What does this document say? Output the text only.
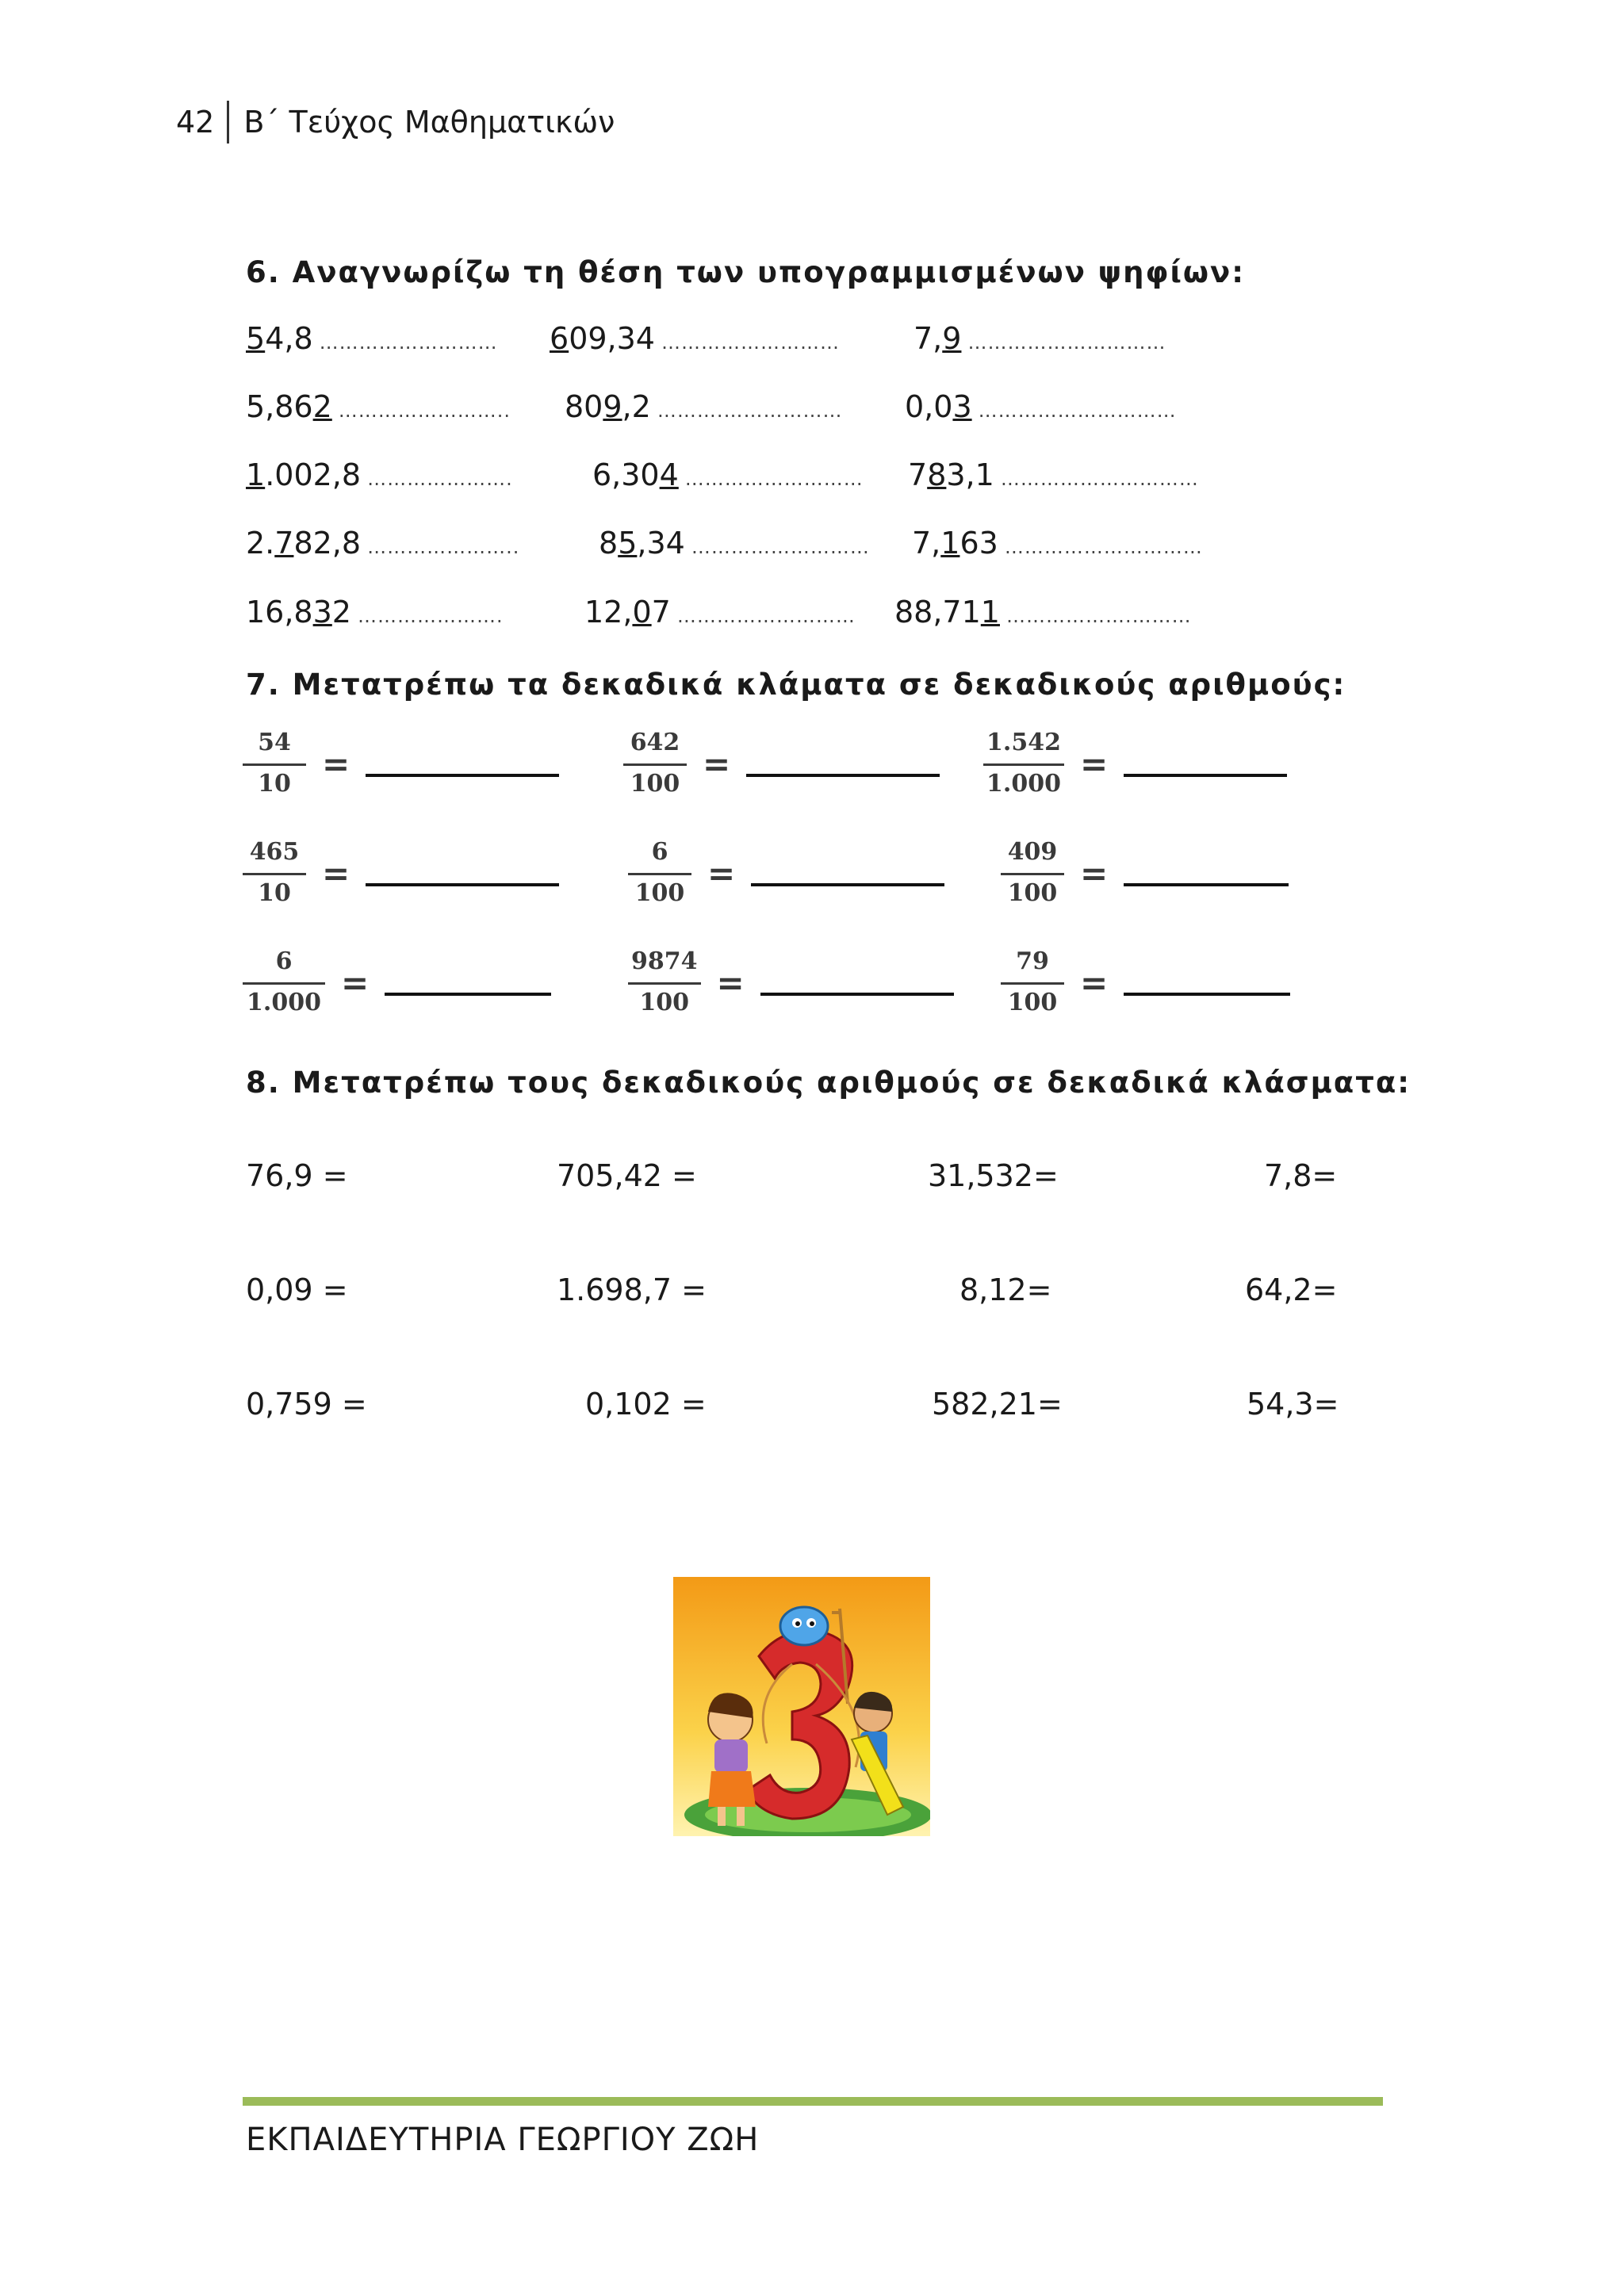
42 Β΄ Τεύχος Μαθηματικών
6. Αναγνωρίζω τη θέση των υπογραμμισμένων ψηφίων:
54,8 ……………………… 609,34 ……………………… 7,9 …………………………
5,862 …………………….. 809,2 ……….……………… 0,03 …………………………
1.002,8 ………………….	6,304 ……………………… 783,1 …………………………
2.782,8 …………………..	85,34 ……………………… 7,163 …………………………
16,832 ………………….	12,07 ……………………… 88,711 ……………….………
7. Μετατρέπω τα δεκαδικά κλάματα σε δεκαδικούς αριθμούς:
$\frac{54}{10}$ =	$\frac{642}{100}$ =	$\frac{1.542}{1.000}$ =
$\frac{465}{10}$ =	$\frac{6}{100}$ =	$\frac{409}{100}$ =
$\frac{6}{1.000}$ =	$\frac{9874}{100}$ =	$\frac{79}{100}$ =
8. Μετατρέπω τους δεκαδικούς αριθμούς σε δεκαδικά κλάσματα:
76,9 =	705,42 =	31,532=	7,8=
0,09 =	1.698,7 =	8,12=	64,2=
0,759 =	0,102 =	582,21=	54,3=
ΕΚΠΑΙΔΕΥΤΗΡΙΑ ΓΕΩΡΓΙΟΥ ΖΩΗ
